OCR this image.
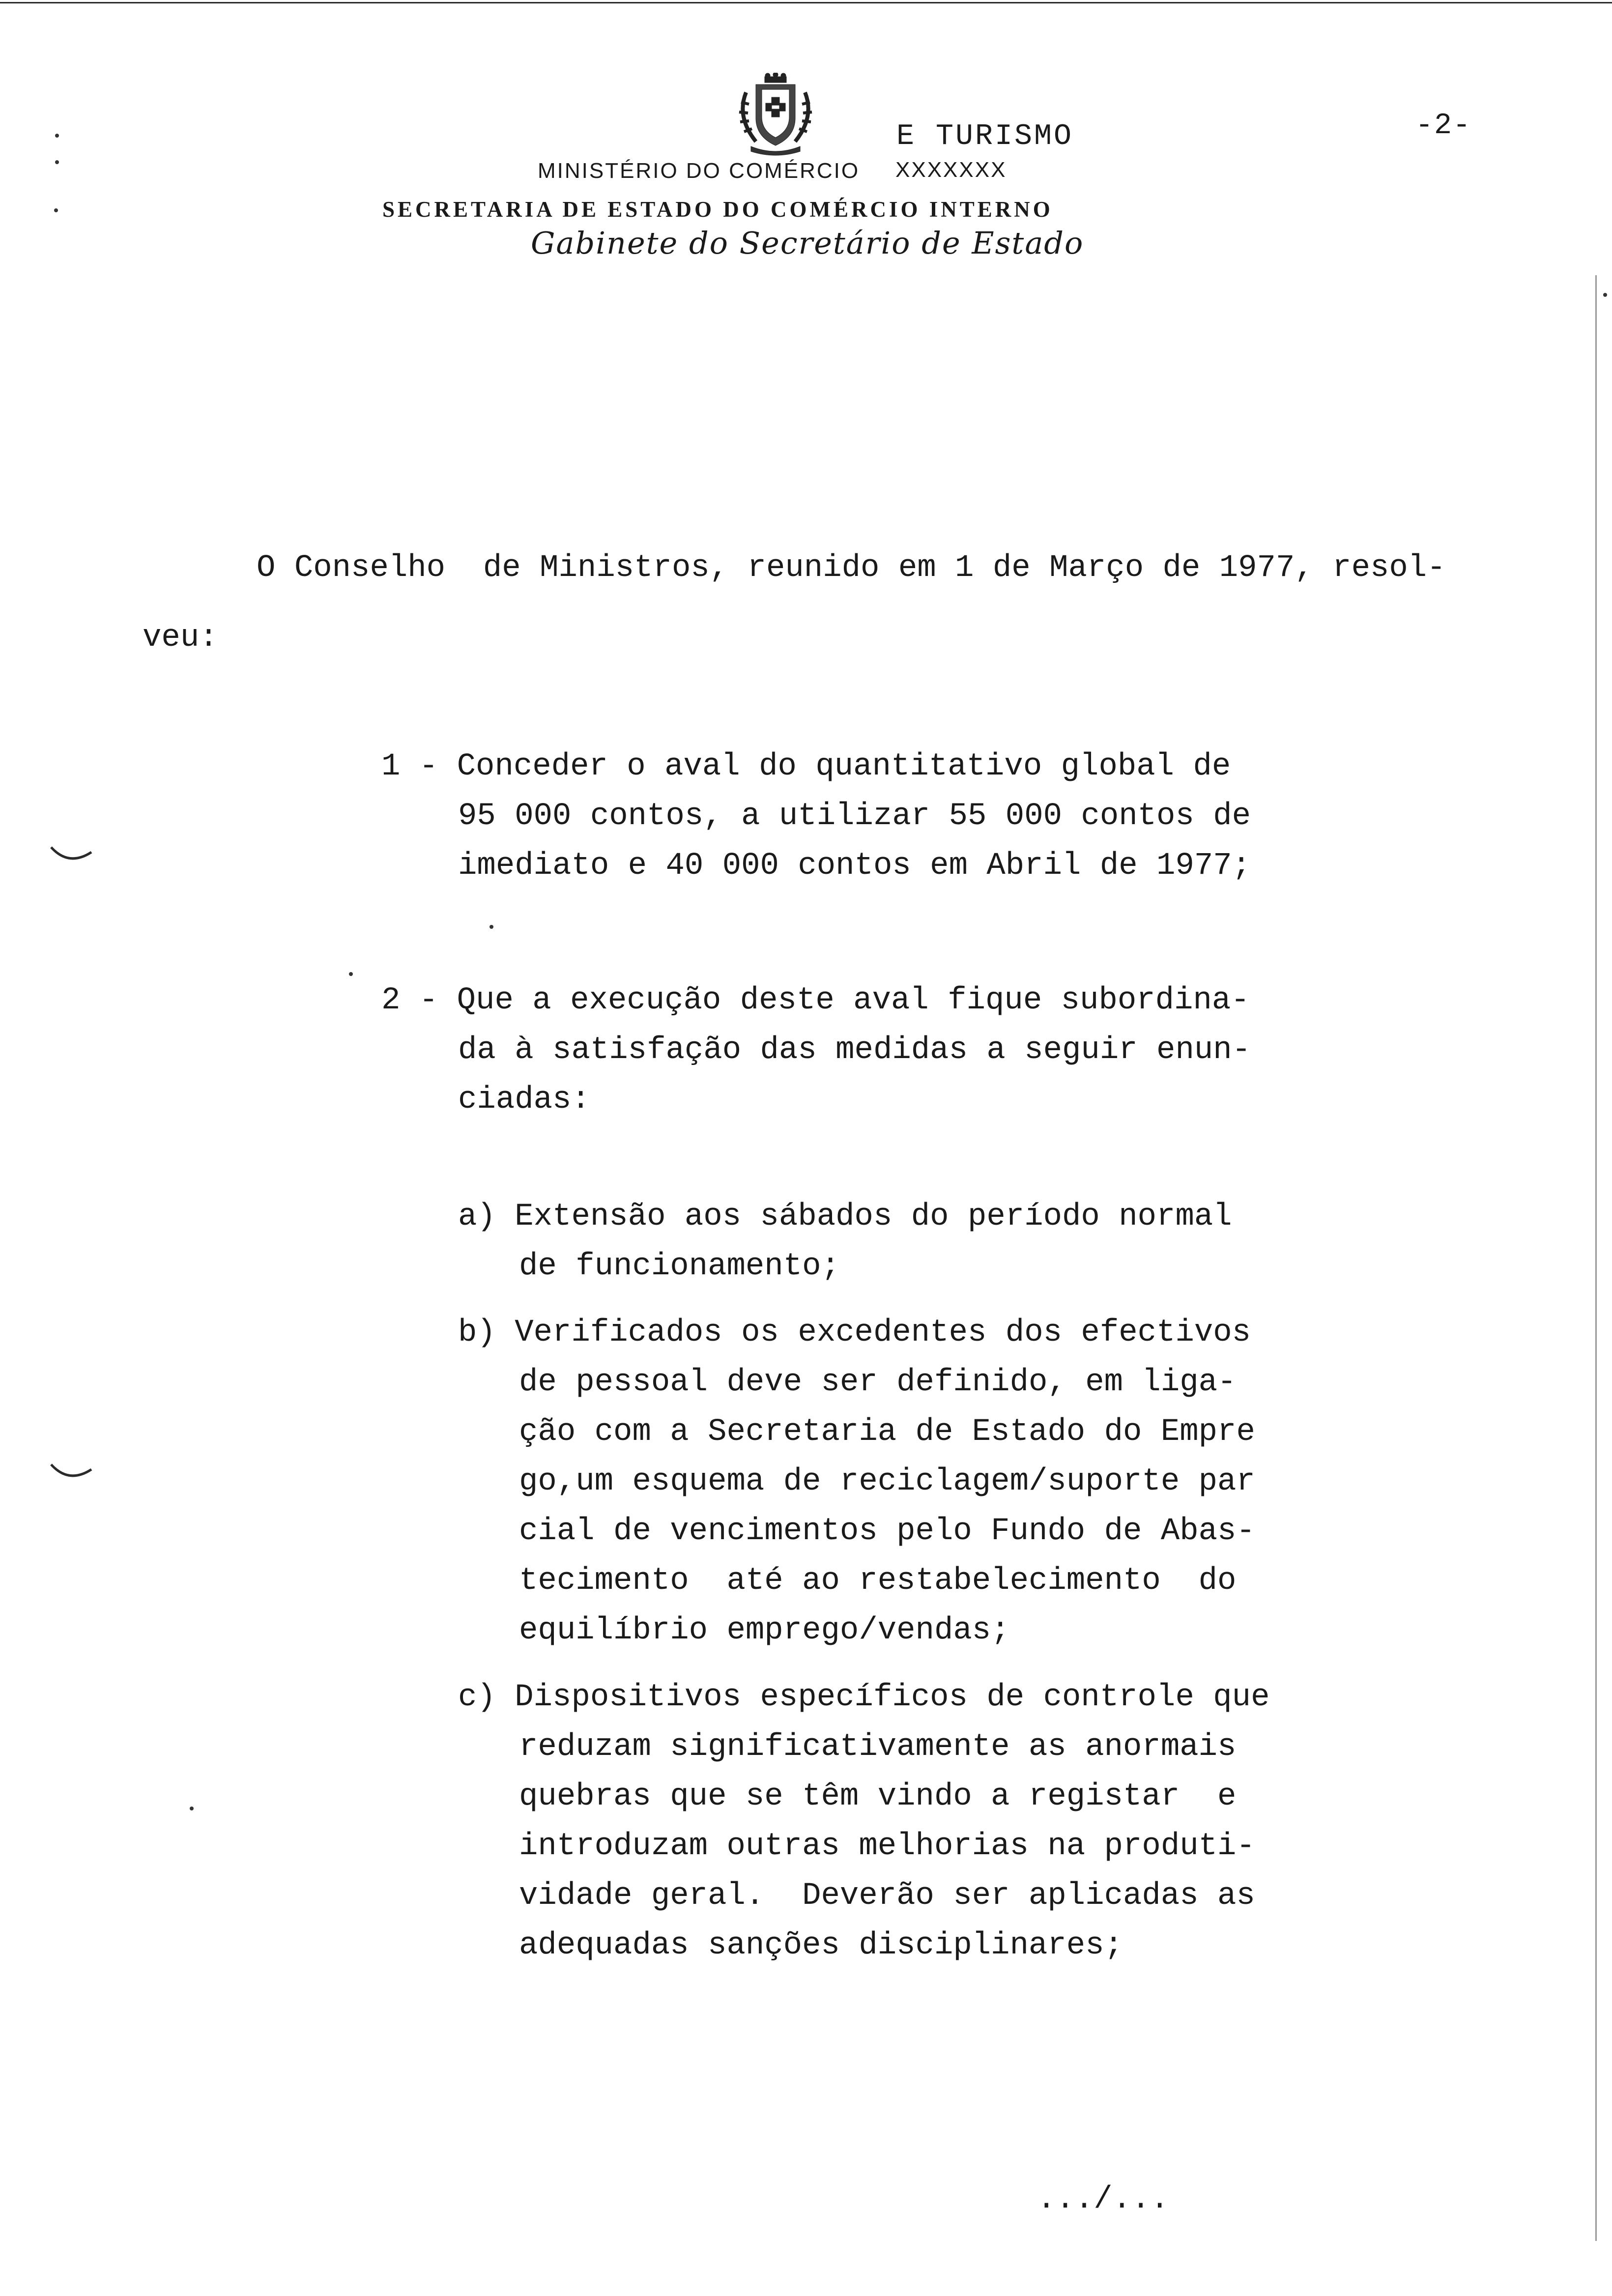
-2-
E TURISMO
MINISTÉRIO DO COMÉRCIO XXXXXXX
SECRETARIA DE ESTADO DO COMÉRCIO INTERNO
Gabinete do Secretário de Estado
O Conselho  de Ministros, reunido em 1 de Março de 1977, resol-
veu:
1 - Conceder o aval do quantitativo global de
95 000 contos, a utilizar 55 000 contos de
imediato e 40 000 contos em Abril de 1977;
2 - Que a execução deste aval fique subordina-
da à satisfação das medidas a seguir enun-
ciadas:
a) Extensão aos sábados do período normal
de funcionamento;
b) Verificados os excedentes dos efectivos
de pessoal deve ser definido, em liga-
ção com a Secretaria de Estado do Empre
go,um esquema de reciclagem/suporte par
cial de vencimentos pelo Fundo de Abas-
tecimento  até ao restabelecimento  do
equilíbrio emprego/vendas;
c) Dispositivos específicos de controle que
reduzam significativamente as anormais
quebras que se têm vindo a registar  e
introduzam outras melhorias na produti-
vidade geral.  Deverão ser aplicadas as
adequadas sanções disciplinares;
.../...
